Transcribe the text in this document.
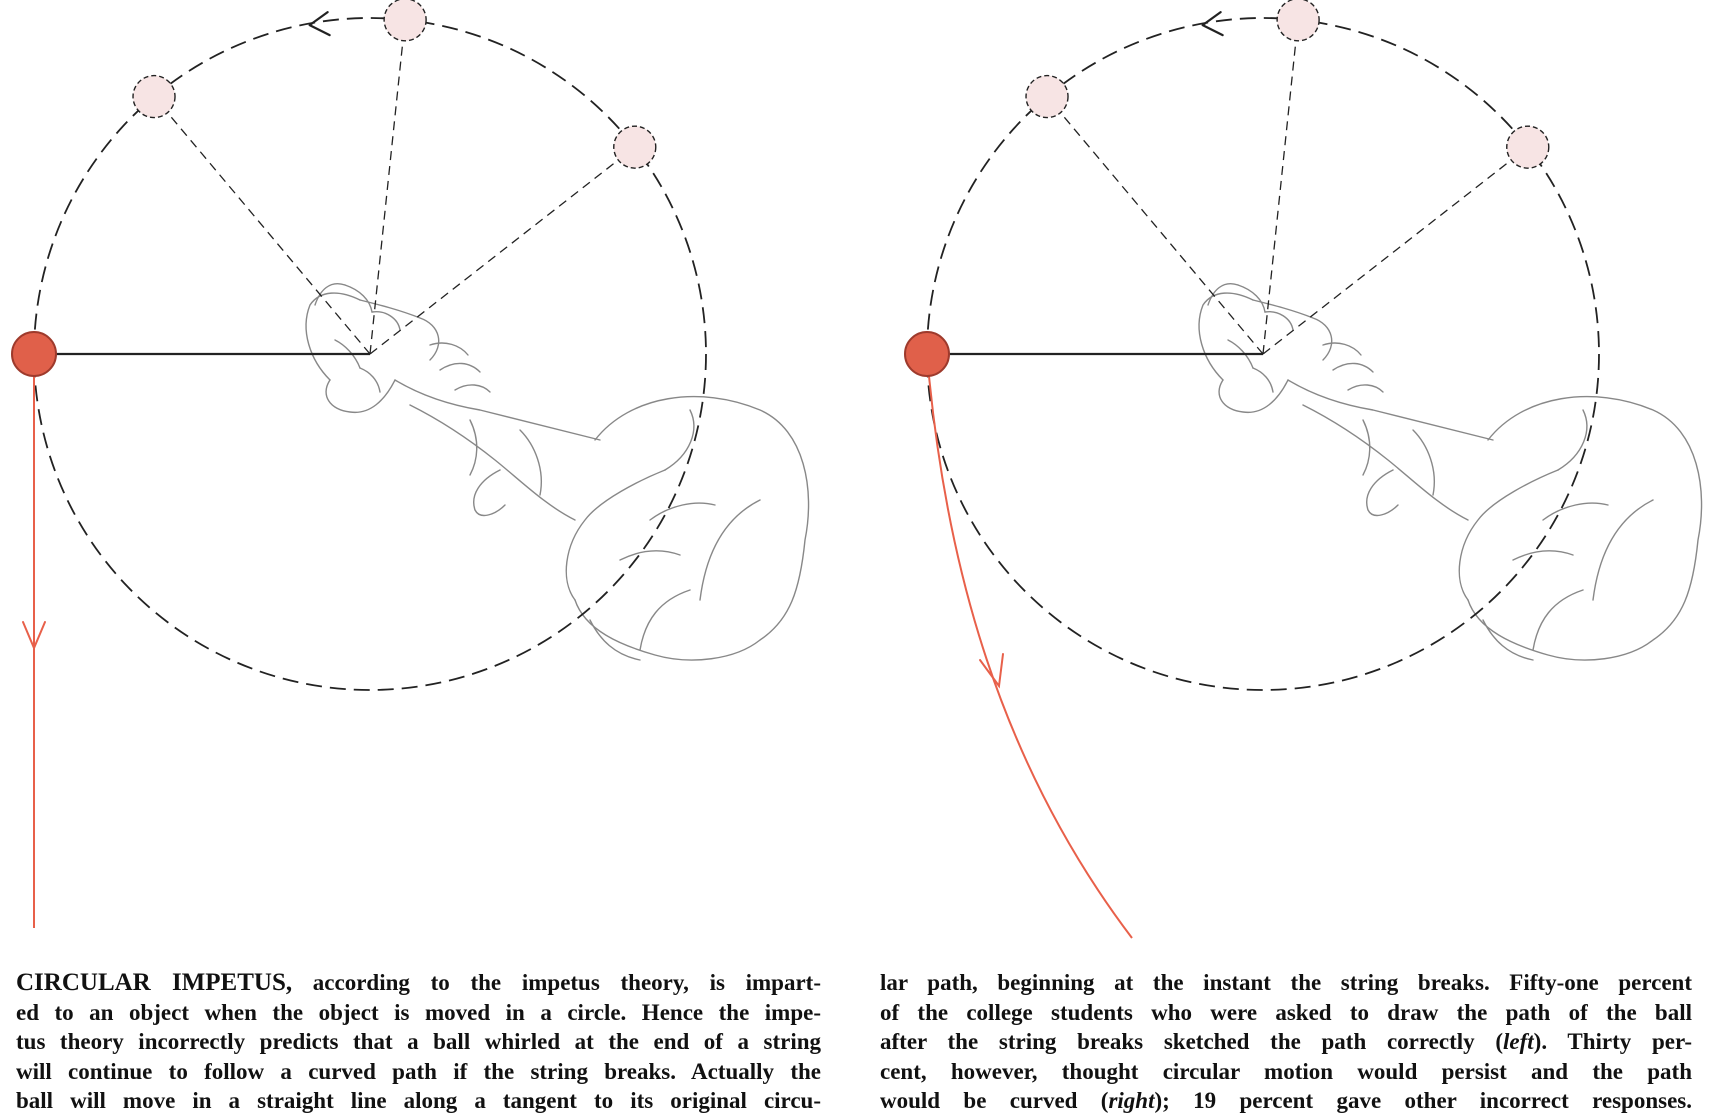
CIRCULAR IMPETUS, according to the impetus theory, is impart-
ed to an object when the object is moved in a circle. Hence the impe-
tus theory incorrectly predicts that a ball whirled at the end of a string
will continue to follow a curved path if the string breaks. Actually the
ball will move in a straight line along a tangent to its original circu-

lar path, beginning at the instant the string breaks. Fifty-one percent
of the college students who were asked to draw the path of the ball
after the string breaks sketched the path correctly (left). Thirty per-
cent, however, thought circular motion would persist and the path
would be curved (right); 19 percent gave other incorrect responses.
